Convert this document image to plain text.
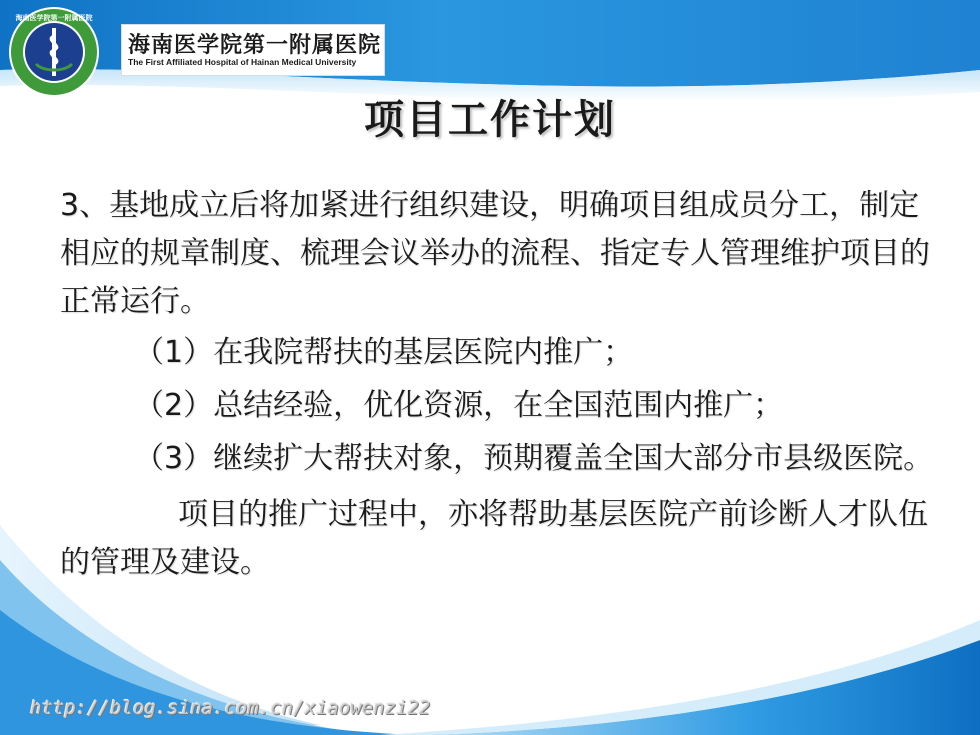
海南医学院第一附属医院
海南医学院第一附属医院
The First Affiliated Hospital of Hainan Medical University
项目工作计划

3、基地成立后将加紧进行组织建设，明确项目组成员分工，制定相应的规章制度、梳理会议举办的流程、指定专人管理维护项目的正常运行。

（1）在我院帮扶的基层医院内推广；

（2）总结经验，优化资源，在全国范围内推广；

（3）继续扩大帮扶对象，预期覆盖全国大部分市县级医院。

项目的推广过程中，亦将帮助基层医院产前诊断人才队伍的管理及建设。

http://blog.sina.com.cn/xiaowenzi22
